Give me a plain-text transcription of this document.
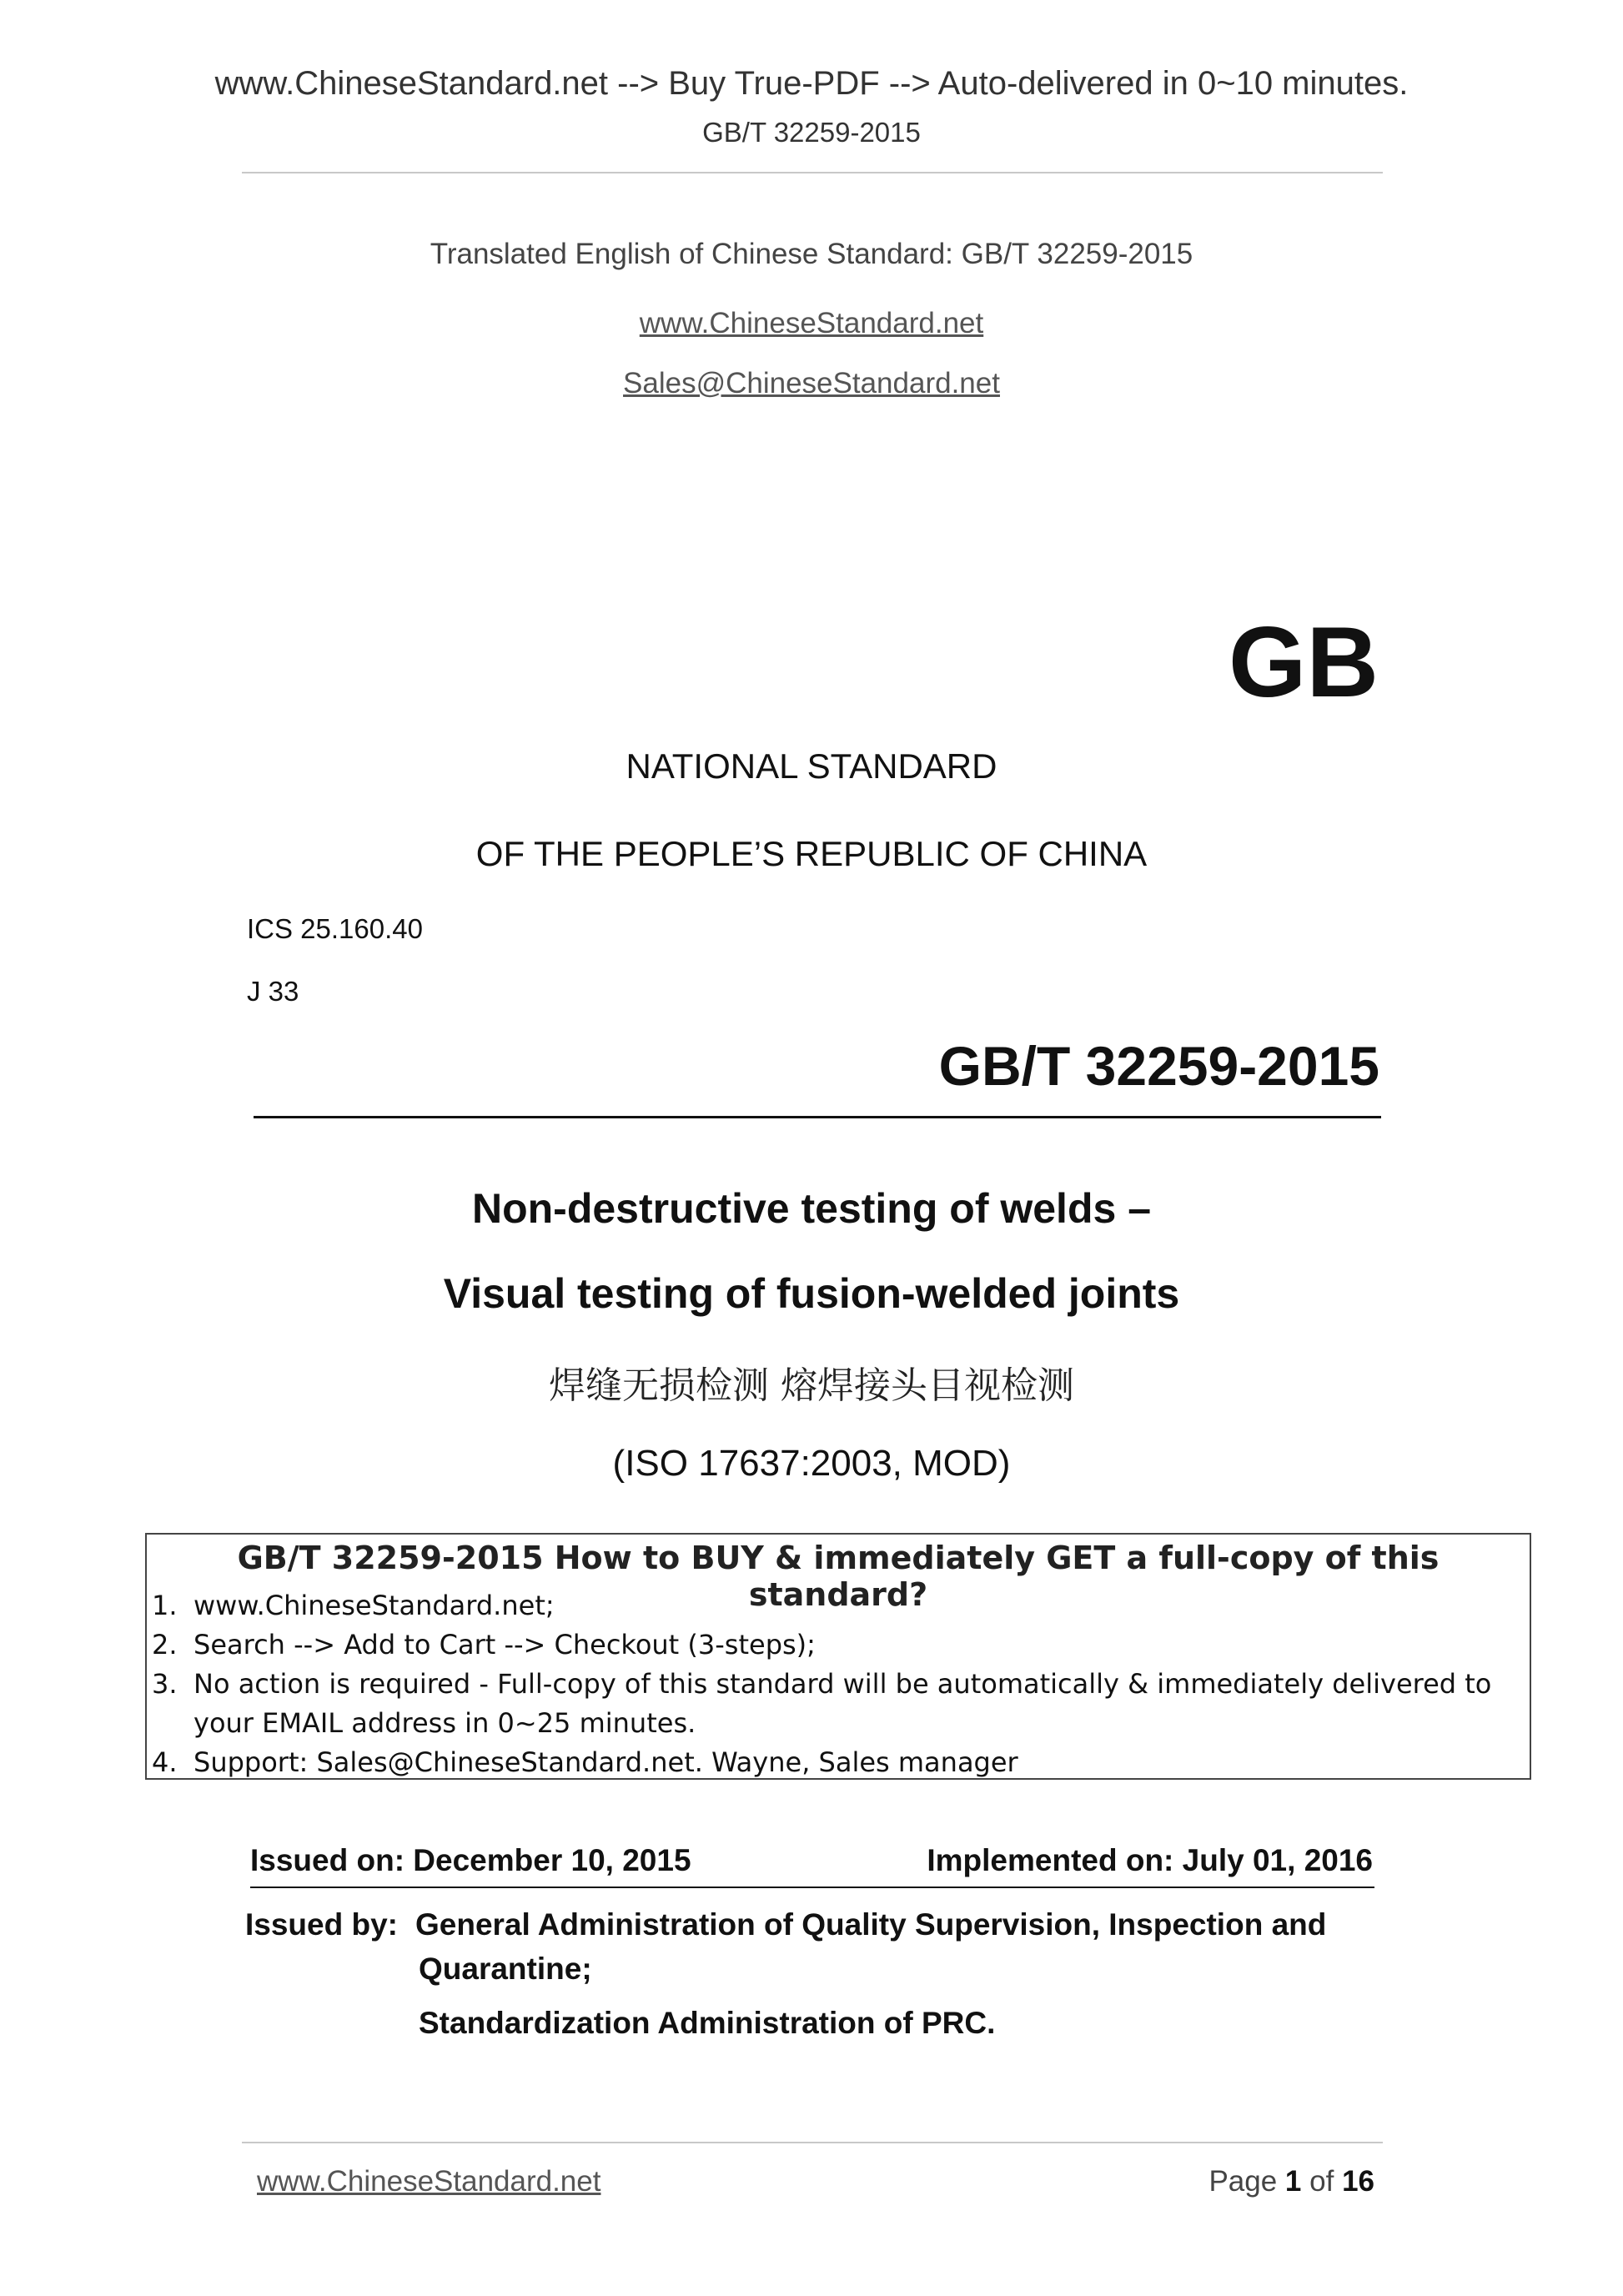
www.ChineseStandard.net --> Buy True-PDF --> Auto-delivered in 0~10 minutes.
GB/T 32259-2015
Translated English of Chinese Standard: GB/T 32259-2015
www.ChineseStandard.net
Sales@ChineseStandard.net
GB
NATIONAL STANDARD
OF THE PEOPLE’S REPUBLIC OF CHINA
ICS 25.160.40
J 33
GB/T 32259-2015
Non-destructive testing of welds –
Visual testing of fusion-welded joints
焊缝无损检测 熔焊接头目视检测
(ISO 17637:2003, MOD)
GB/T 32259-2015 How to BUY & immediately GET a full-copy of this standard?
1. www.ChineseStandard.net;
2. Search --> Add to Cart --> Checkout (3-steps);
3. No action is required - Full-copy of this standard will be automatically & immediately delivered to your EMAIL address in 0~25 minutes.
4. Support: Sales@ChineseStandard.net. Wayne, Sales manager
Issued on: December 10, 2015	Implemented on: July 01, 2016
Issued by: General Administration of Quality Supervision, Inspection and
Quarantine;
Standardization Administration of PRC.
www.ChineseStandard.net	Page 1 of 16
